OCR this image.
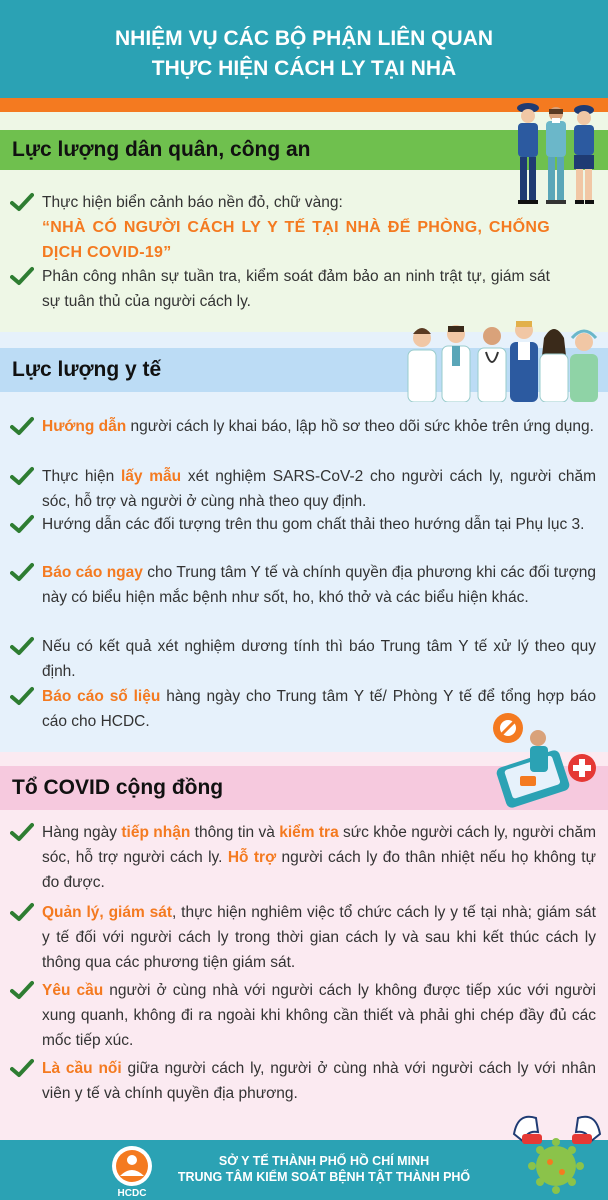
NHIỆM VỤ CÁC BỘ PHẬN LIÊN QUAN
THỰC HIỆN CÁCH LY TẠI NHÀ
Lực lượng dân quân, công an
Thực hiện biển cảnh báo nền đỏ, chữ vàng:
“NHÀ CÓ NGƯỜI CÁCH LY Y TẾ TẠI NHÀ ĐỂ PHÒNG, CHỐNG DỊCH COVID-19”
Phân công nhân sự tuần tra, kiểm soát đảm bảo an ninh trật tự, giám sát sự tuân thủ của người cách ly.
Lực lượng y tế
Hướng dẫn người cách ly khai báo, lập hồ sơ theo dõi sức khỏe trên ứng dụng.
Thực hiện lấy mẫu xét nghiệm SARS-CoV-2 cho người cách ly, người chăm sóc, hỗ trợ và người ở cùng nhà theo quy định.
Hướng dẫn các đối tượng trên thu gom chất thải theo hướng dẫn tại Phụ lục 3.
Báo cáo ngay cho Trung tâm Y tế và chính quyền địa phương khi các đối tượng này có biểu hiện mắc bệnh như sốt, ho, khó thở và các biểu hiện khác.
Nếu có kết quả xét nghiệm dương tính thì báo Trung tâm Y tế xử lý theo quy định.
Báo cáo số liệu hàng ngày cho Trung tâm Y tế/ Phòng Y tế để tổng hợp báo cáo cho HCDC.
Tổ COVID cộng đồng
Hàng ngày tiếp nhận thông tin và kiểm tra sức khỏe người cách ly, người chăm sóc, hỗ trợ người cách ly. Hỗ trợ người cách ly đo thân nhiệt nếu họ không tự đo được.
Quản lý, giám sát, thực hiện nghiêm việc tổ chức cách ly y tế tại nhà; giám sát y tế đối với người cách ly trong thời gian cách ly và sau khi kết thúc cách ly thông qua các phương tiện giám sát.
Yêu cầu người ở cùng nhà với người cách ly không được tiếp xúc với người xung quanh, không đi ra ngoài khi không cần thiết và phải ghi chép đầy đủ các mốc tiếp xúc.
Là cầu nối giữa người cách ly, người ở cùng nhà với người cách ly với nhân viên y tế và chính quyền địa phương.
HCDC
SỞ Y TẾ THÀNH PHỐ HỒ CHÍ MINH
TRUNG TÂM KIỂM SOÁT BỆNH TẬT THÀNH PHỐ
